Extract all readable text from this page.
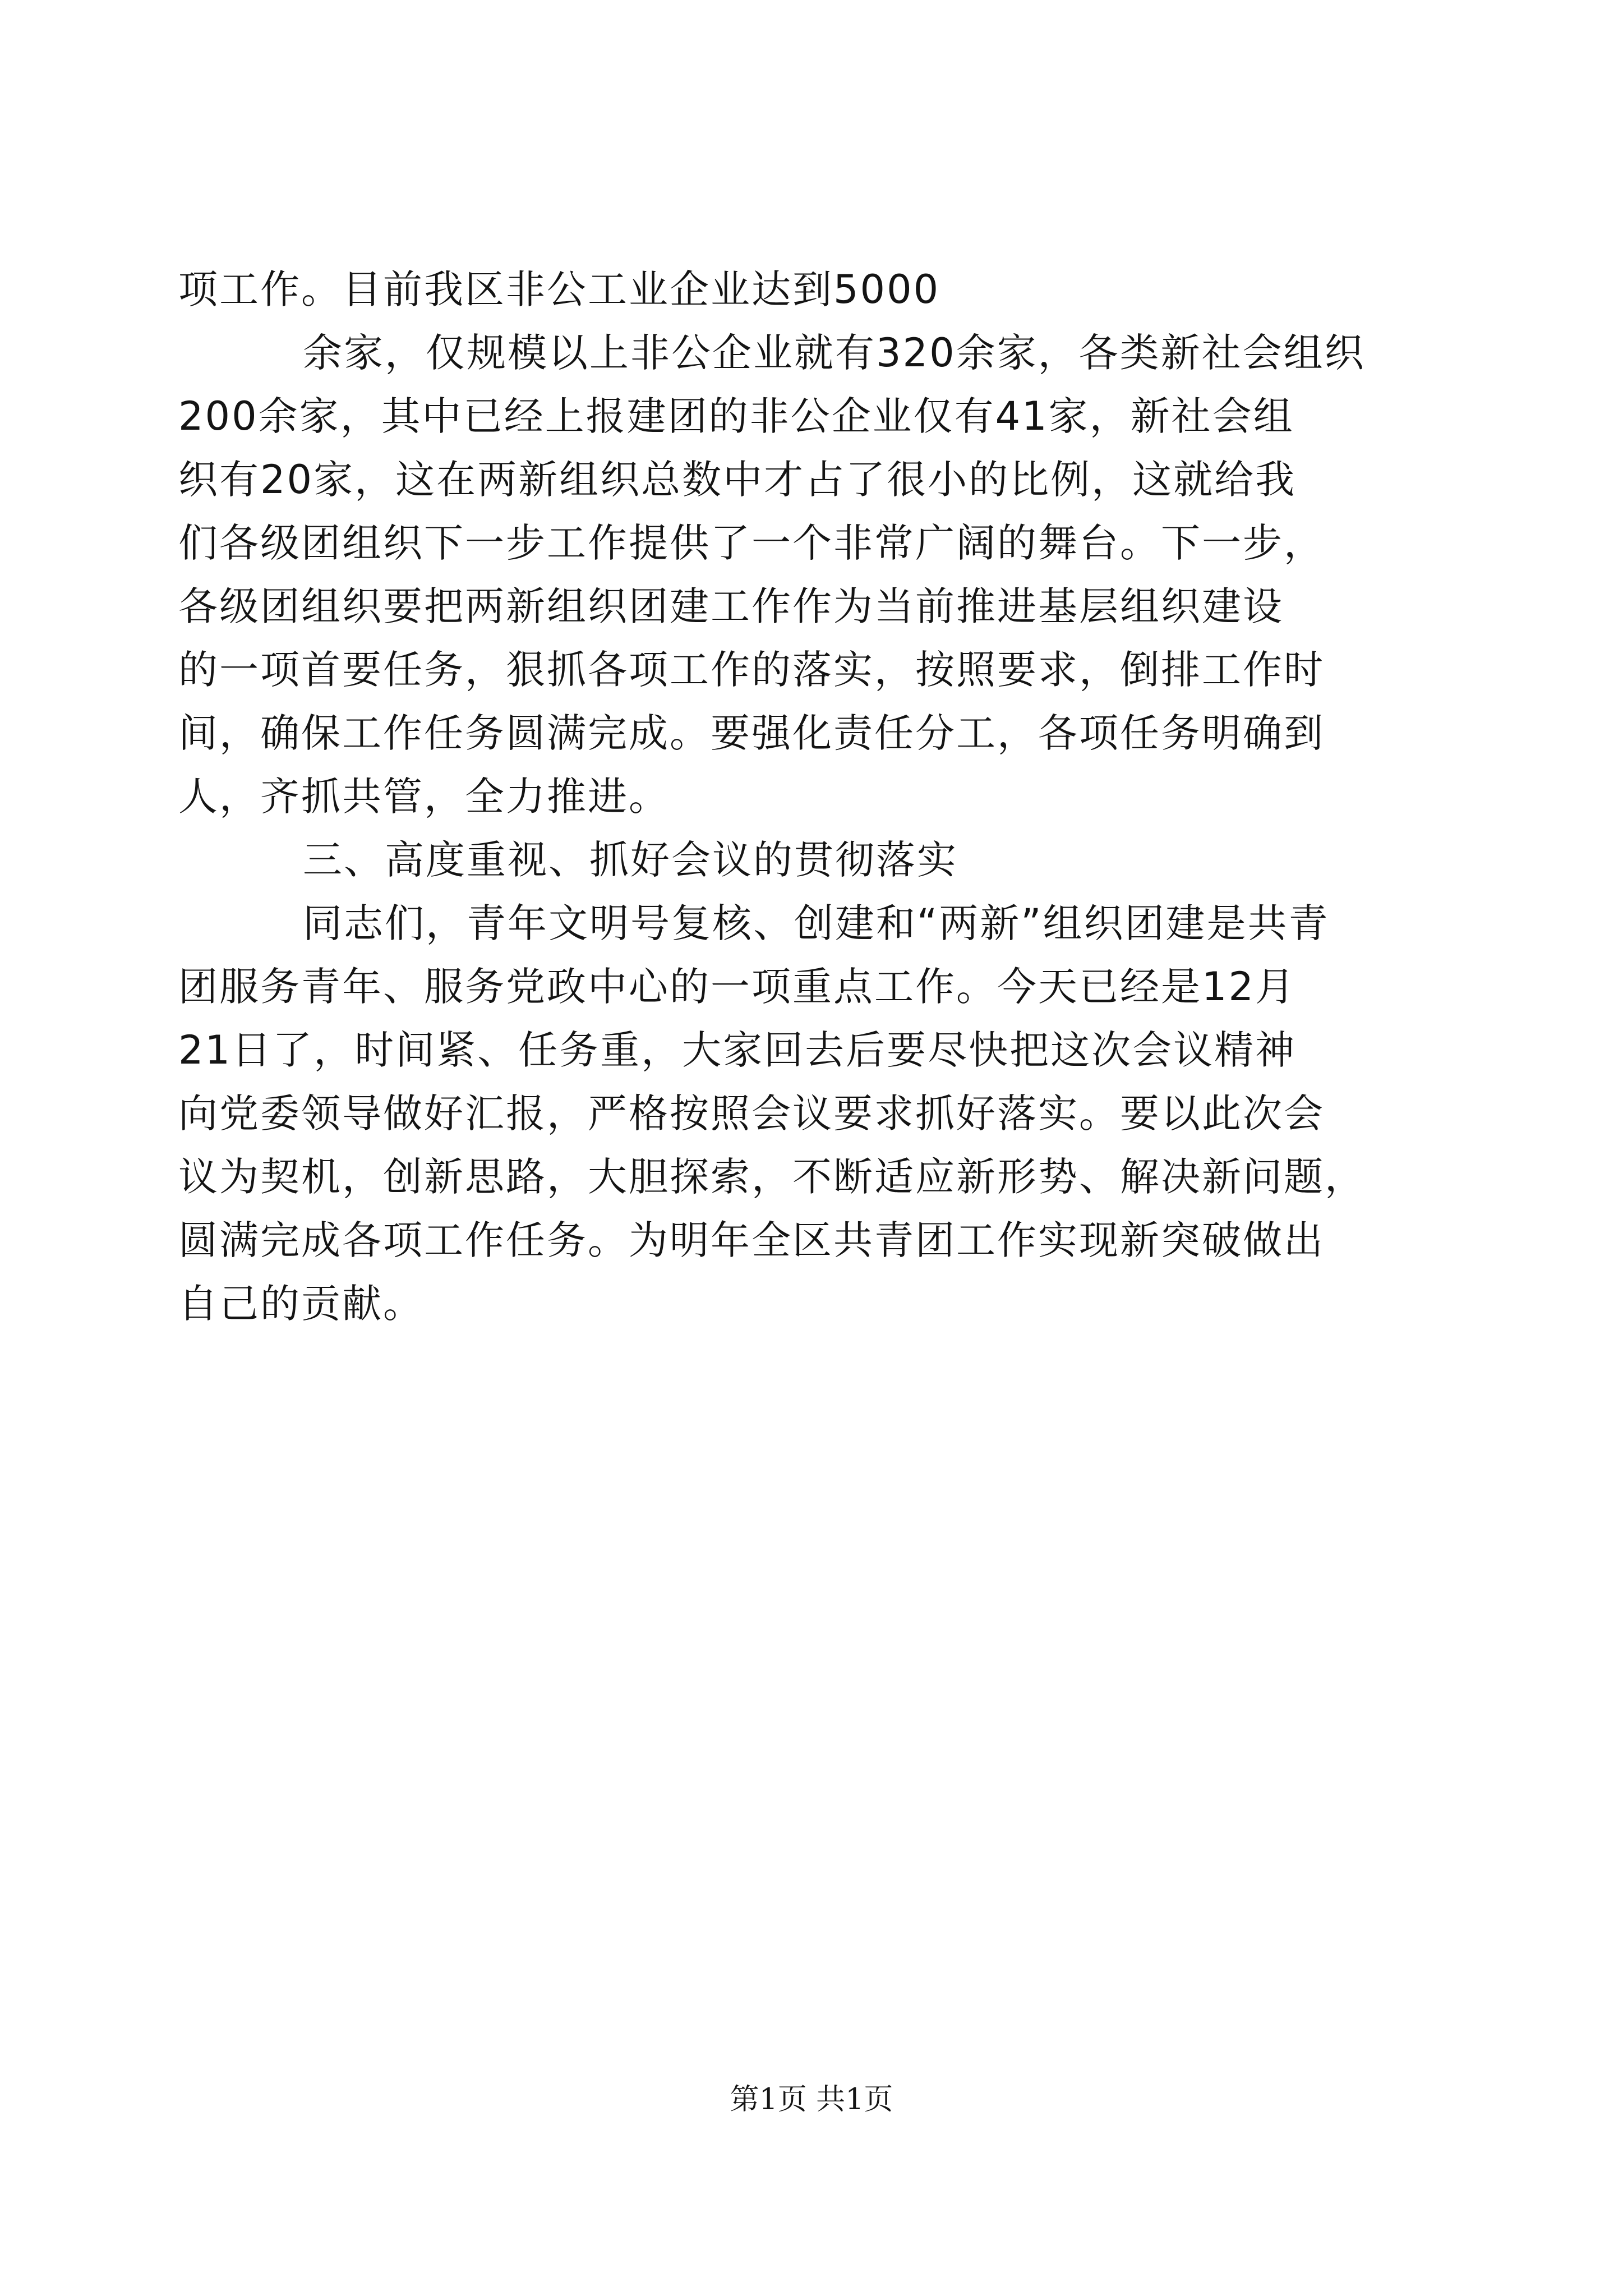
项工作。目前我区非公工业企业达到5000
余家，仅规模以上非公企业就有320余家，各类新社会组织
200余家，其中已经上报建团的非公企业仅有41家，新社会组
织有20家，这在两新组织总数中才占了很小的比例，这就给我
们各级团组织下一步工作提供了一个非常广阔的舞台。下一步，
各级团组织要把两新组织团建工作作为当前推进基层组织建设
的一项首要任务，狠抓各项工作的落实，按照要求，倒排工作时
间，确保工作任务圆满完成。要强化责任分工，各项任务明确到
人，齐抓共管，全力推进。
三、高度重视、抓好会议的贯彻落实
同志们，青年文明号复核、创建和“两新”组织团建是共青
团服务青年、服务党政中心的一项重点工作。今天已经是12月
21日了，时间紧、任务重，大家回去后要尽快把这次会议精神
向党委领导做好汇报，严格按照会议要求抓好落实。要以此次会
议为契机，创新思路，大胆探索，不断适应新形势、解决新问题，
圆满完成各项工作任务。为明年全区共青团工作实现新突破做出
自己的贡献。
第1页 共1页
